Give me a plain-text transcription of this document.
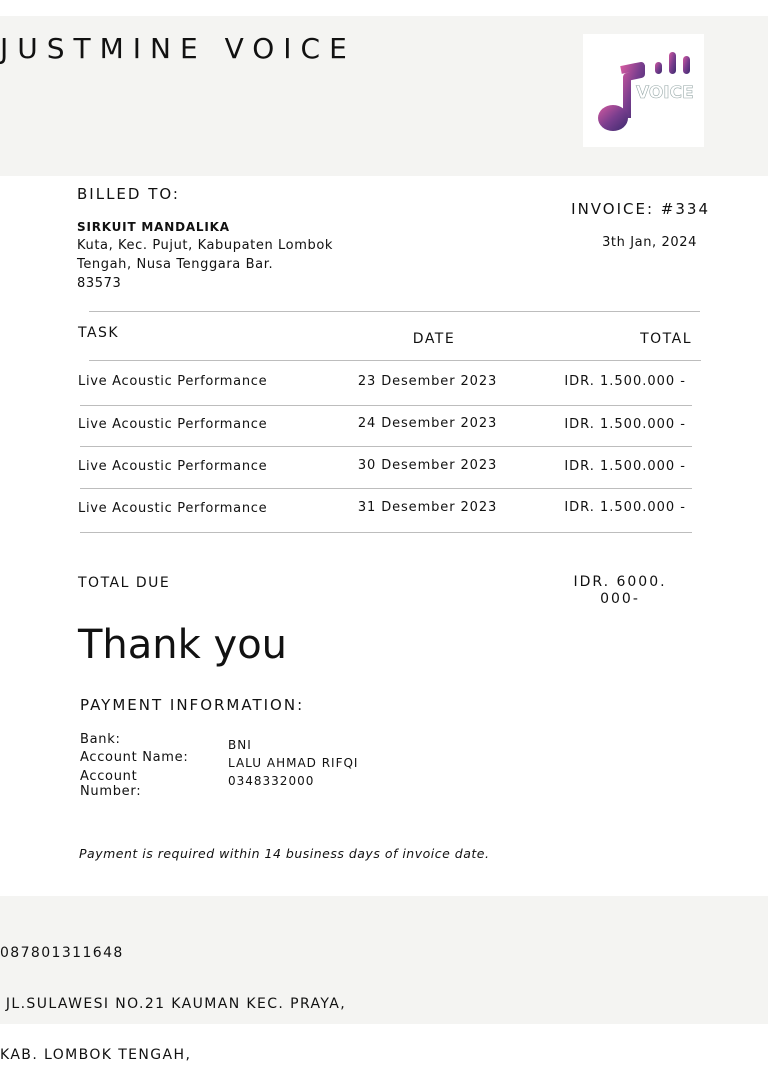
JUSTMINE VOICE
VOICE
BILLED TO:
SIRKUIT MANDALIKA
Kuta, Kec. Pujut, Kabupaten Lombok
Tengah, Nusa Tenggara Bar.
83573
INVOICE: #334
3th Jan, 2024
TASK	DATE	TOTAL
Live Acoustic Performance	23 Desember 2023	IDR. 1.500.000 -
Live Acoustic Performance	24 Desember 2023	IDR. 1.500.000 -
Live Acoustic Performance	30 Desember 2023	IDR. 1.500.000 -
Live Acoustic Performance	31 Desember 2023	IDR. 1.500.000 -
TOTAL DUE	IDR. 6000.
000-
Thank you
PAYMENT INFORMATION:
Bank:	BNI
Account Name:	LALU AHMAD RIFQI
Account
Number:
0348332000
Payment is required within 14 business days of invoice date.

087801311648

JL.SULAWESI NO.21 KAUMAN KEC. PRAYA,

KAB. LOMBOK TENGAH,
